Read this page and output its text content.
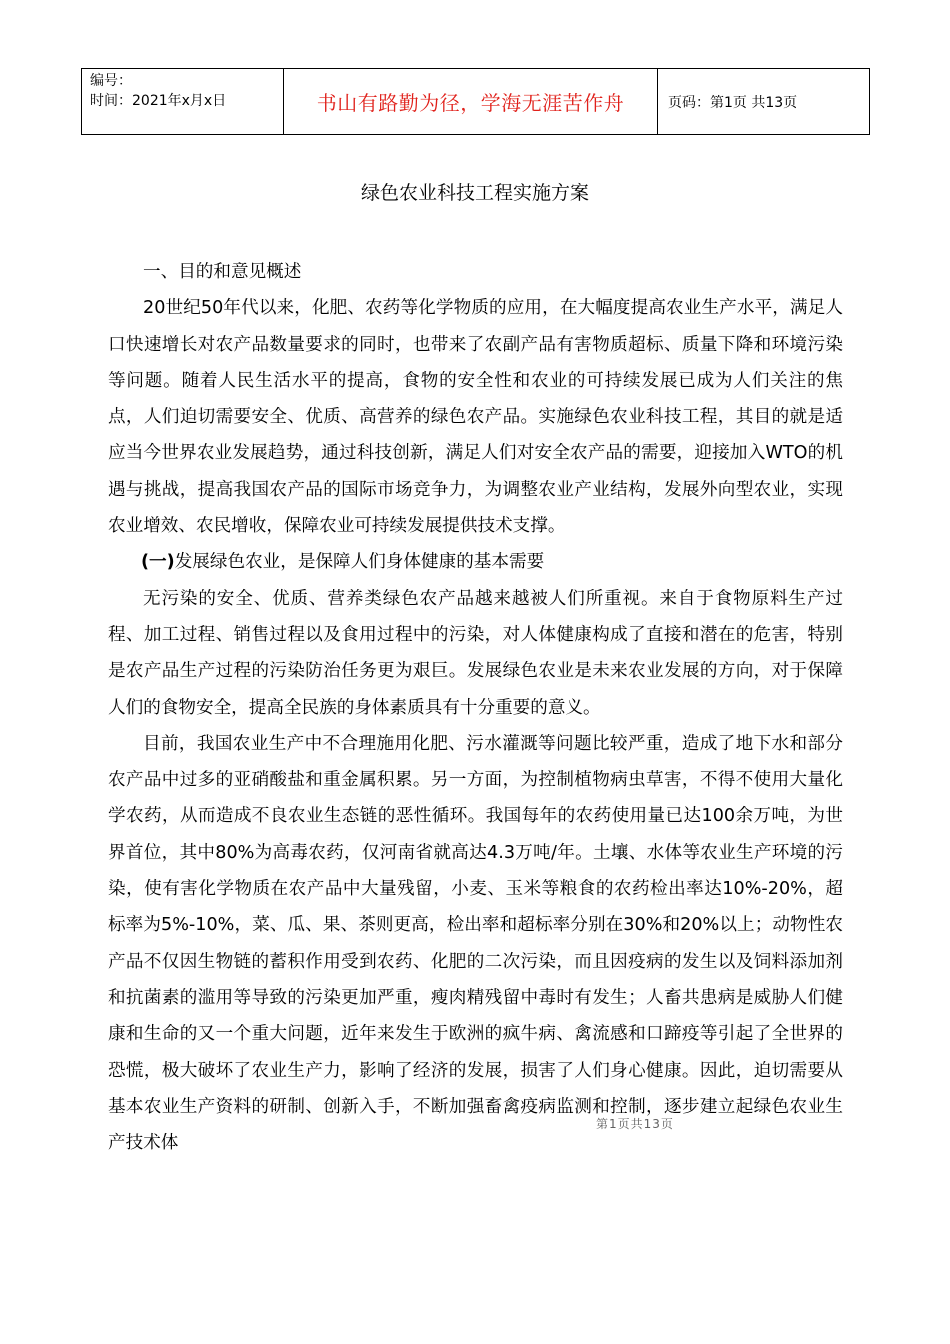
编号：
时间：2021年x月x日	书山有路勤为径，学海无涯苦作舟	页码：第1页 共13页
绿色农业科技工程实施方案

一、目的和意见概述

20世纪50年代以来，化肥、农药等化学物质的应用，在大幅度提高农业生产水平，满足人口快速增长对农产品数量要求的同时，也带来了农副产品有害物质超标、质量下降和环境污染等问题。随着人民生活水平的提高，食物的安全性和农业的可持续发展已成为人们关注的焦点，人们迫切需要安全、优质、高营养的绿色农产品。实施绿色农业科技工程，其目的就是适应当今世界农业发展趋势，通过科技创新，满足人们对安全农产品的需要，迎接加入WTO的机遇与挑战，提高我国农产品的国际市场竞争力，为调整农业产业结构，发展外向型农业，实现农业增效、农民增收，保障农业可持续发展提供技术支撑。

(一)发展绿色农业，是保障人们身体健康的基本需要

无污染的安全、优质、营养类绿色农产品越来越被人们所重视。来自于食物原料生产过程、加工过程、销售过程以及食用过程中的污染，对人体健康构成了直接和潜在的危害，特别是农产品生产过程的污染防治任务更为艰巨。发展绿色农业是未来农业发展的方向，对于保障人们的食物安全，提高全民族的身体素质具有十分重要的意义。

目前，我国农业生产中不合理施用化肥、污水灌溉等问题比较严重，造成了地下水和部分农产品中过多的亚硝酸盐和重金属积累。另一方面，为控制植物病虫草害，不得不使用大量化学农药，从而造成不良农业生态链的恶性循环。我国每年的农药使用量已达100余万吨，为世界首位，其中80%为高毒农药，仅河南省就高达4.3万吨/年。土壤、水体等农业生产环境的污染，使有害化学物质在农产品中大量残留，小麦、玉米等粮食的农药检出率达10%-20%，超标率为5%-10%，菜、瓜、果、茶则更高，检出率和超标率分别在30%和20%以上；动物性农产品不仅因生物链的蓄积作用受到农药、化肥的二次污染，而且因疫病的发生以及饲料添加剂和抗菌素的滥用等导致的污染更加严重，瘦肉精残留中毒时有发生；人畜共患病是威胁人们健康和生命的又一个重大问题，近年来发生于欧洲的疯牛病、禽流感和口蹄疫等引起了全世界的恐慌，极大破坏了农业生产力，影响了经济的发展，损害了人们身心健康。因此，迫切需要从基本农业生产资料的研制、创新入手，不断加强畜禽疫病监测和控制，逐步建立起绿色农业生产技术体

第1页共13页
